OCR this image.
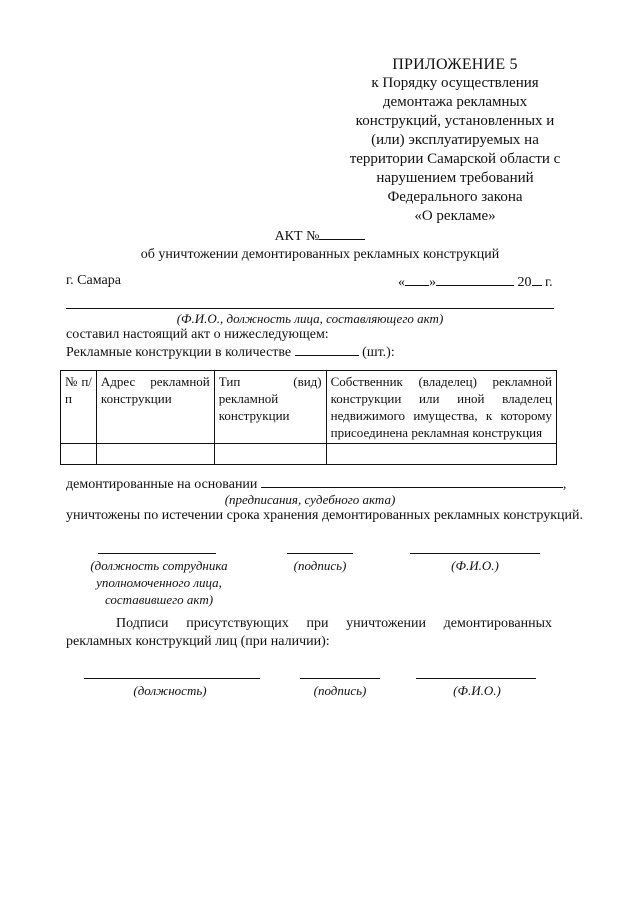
ПРИЛОЖЕНИЕ 5
к Порядку осуществления
демонтажа рекламных
конструкций, установленных и
(или) эксплуатируемых на
территории Самарской области с
нарушением требований
Федерального закона
«О рекламе»
АКТ №
об уничтожении демонтированных рекламных конструкций
г. Самара	« »	20 г.
(Ф.И.О., должность лица, составляющего акт)
составил настоящий акт о нижеследующем:
Рекламные конструкции в количестве	(шт.):
№ п/п	Адрес рекламной конструкции	Тип (вид) рекламной конструкции	Собственник (владелец) рекламной конструкции или иной владелец недвижимого имущества, к которому присоединена рекламная конструкция

демонтированные на основании	,
(предписания, судебного акта)
уничтожены по истечении срока хранения демонтированных рекламных конструкций.
(должность сотрудника уполномоченного лица, составившего акт)
(подпись)	(Ф.И.О.)
Подписи присутствующих при уничтожении демонтированных рекламных конструкций лиц (при наличии):
(должность)	(подпись)	(Ф.И.О.)
